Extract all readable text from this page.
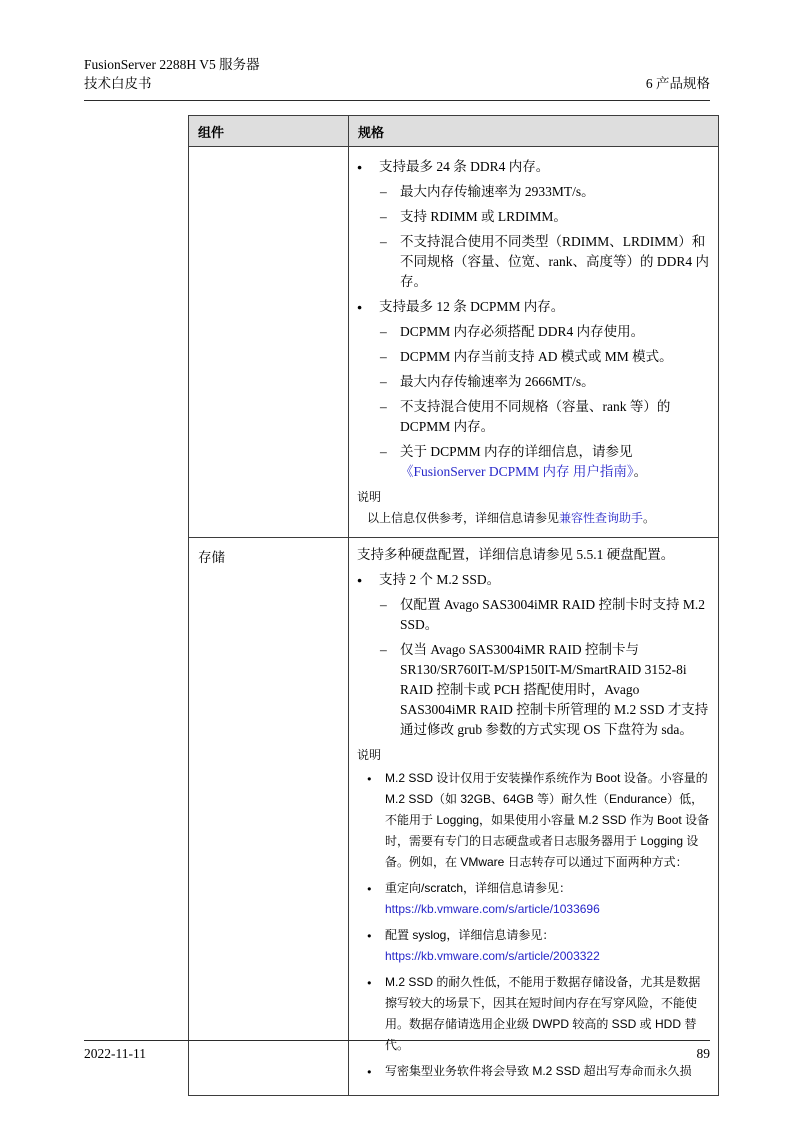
FusionServer 2288H V5 服务器
技术白皮书	6 产品规格
组件	规格

●	支持最多 24 条 DDR4 内存。
– 最大内存传输速率为 2933MT/s。
– 支持 RDIMM 或 LRDIMM。
– 不支持混合使用不同类型（RDIMM、LRDIMM）和不同规格（容量、位宽、rank、高度等）的 DDR4 内存。
●	支持最多 12 条 DCPMM 内存。
– DCPMM 内存必须搭配 DDR4 内存使用。
– DCPMM 内存当前支持 AD 模式或 MM 模式。
– 最大内存传输速率为 2666MT/s。
– 不支持混合使用不同规格（容量、rank 等）的 DCPMM 内存。
– 关于 DCPMM 内存的详细信息，请参见《FusionServer DCPMM 内存 用户指南》。
说明
以上信息仅供参考，详细信息请参见兼容性查询助手。

存储	支持多种硬盘配置，详细信息请参见 5.5.1 硬盘配置。
●	支持 2 个 M.2 SSD。
– 仅配置 Avago SAS3004iMR RAID 控制卡时支持 M.2 SSD。
– 仅当 Avago SAS3004iMR RAID 控制卡与 SR130/SR760IT-M/SP150IT-M/SmartRAID 3152-8i RAID 控制卡或 PCH 搭配使用时，Avago SAS3004iMR RAID 控制卡所管理的 M.2 SSD 才支持通过修改 grub 参数的方式实现 OS 下盘符为 sda。
说明
●	M.2 SSD 设计仅用于安装操作系统作为 Boot 设备。小容量的 M.2 SSD（如 32GB、64GB 等）耐久性（Endurance）低，不能用于 Logging，如果使用小容量 M.2 SSD 作为 Boot 设备时，需要有专门的日志硬盘或者日志服务器用于 Logging 设备。例如，在 VMware 日志转存可以通过下面两种方式：
●	重定向/scratch，详细信息请参见：
https://kb.vmware.com/s/article/1033696
●	配置 syslog，详细信息请参见：
https://kb.vmware.com/s/article/2003322
●	M.2 SSD 的耐久性低，不能用于数据存储设备，尤其是数据擦写较大的场景下，因其在短时间内存在写穿风险，不能使用。数据存储请选用企业级 DWPD 较高的 SSD 或 HDD 替代。
●	写密集型业务软件将会导致 M.2 SSD 超出写寿命而永久损
2022-11-11	89
